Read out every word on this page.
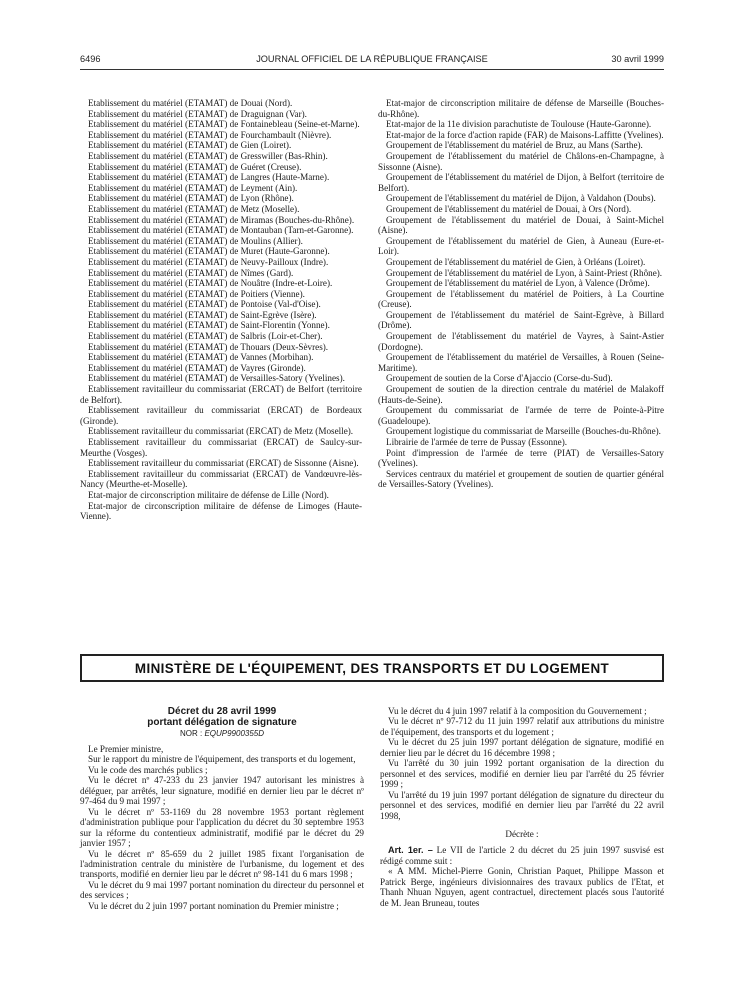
6496	JOURNAL OFFICIEL DE LA RÉPUBLIQUE FRANÇAISE	30 avril 1999

Etablissement du matériel (ETAMAT) de Douai (Nord).

Etablissement du matériel (ETAMAT) de Draguignan (Var).

Etablissement du matériel (ETAMAT) de Fontainebleau (Seine-et-Marne).

Etablissement du matériel (ETAMAT) de Fourchambault (Nièvre).

Etablissement du matériel (ETAMAT) de Gien (Loiret).

Etablissement du matériel (ETAMAT) de Gresswiller (Bas-Rhin).

Etablissement du matériel (ETAMAT) de Guéret (Creuse).

Etablissement du matériel (ETAMAT) de Langres (Haute-Marne).

Etablissement du matériel (ETAMAT) de Leyment (Ain).

Etablissement du matériel (ETAMAT) de Lyon (Rhône).

Etablissement du matériel (ETAMAT) de Metz (Moselle).

Etablissement du matériel (ETAMAT) de Miramas (Bouches-du-Rhône).

Etablissement du matériel (ETAMAT) de Montauban (Tarn-et-Garonne).

Etablissement du matériel (ETAMAT) de Moulins (Allier).

Etablissement du matériel (ETAMAT) de Muret (Haute-Garonne).

Etablissement du matériel (ETAMAT) de Neuvy-Pailloux (Indre).

Etablissement du matériel (ETAMAT) de Nîmes (Gard).

Etablissement du matériel (ETAMAT) de Nouâtre (Indre-et-Loire).

Etablissement du matériel (ETAMAT) de Poitiers (Vienne).

Etablissement du matériel (ETAMAT) de Pontoise (Val-d'Oise).

Etablissement du matériel (ETAMAT) de Saint-Egrève (Isère).

Etablissement du matériel (ETAMAT) de Saint-Florentin (Yonne).

Etablissement du matériel (ETAMAT) de Salbris (Loir-et-Cher).

Etablissement du matériel (ETAMAT) de Thouars (Deux-Sèvres).

Etablissement du matériel (ETAMAT) de Vannes (Morbihan).

Etablissement du matériel (ETAMAT) de Vayres (Gironde).

Etablissement du matériel (ETAMAT) de Versailles-Satory (Yvelines).

Etablissement ravitailleur du commissariat (ERCAT) de Belfort (territoire de Belfort).

Etablissement ravitailleur du commissariat (ERCAT) de Bordeaux (Gironde).

Etablissement ravitailleur du commissariat (ERCAT) de Metz (Moselle).

Etablissement ravitailleur du commissariat (ERCAT) de Saulcy-sur-Meurthe (Vosges).

Etablissement ravitailleur du commissariat (ERCAT) de Sissonne (Aisne).

Etablissement ravitailleur du commissariat (ERCAT) de Vandœuvre-lès-Nancy (Meurthe-et-Moselle).

Etat-major de circonscription militaire de défense de Lille (Nord).

Etat-major de circonscription militaire de défense de Limoges (Haute-Vienne).

Etat-major de circonscription militaire de défense de Marseille (Bouches-du-Rhône).

Etat-major de la 11e division parachutiste de Toulouse (Haute-Garonne).

Etat-major de la force d'action rapide (FAR) de Maisons-Laffitte (Yvelines).

Groupement de l'établissement du matériel de Bruz, au Mans (Sarthe).

Groupement de l'établissement du matériel de Châlons-en-Champagne, à Sissonne (Aisne).

Groupement de l'établissement du matériel de Dijon, à Belfort (territoire de Belfort).

Groupement de l'établissement du matériel de Dijon, à Valdahon (Doubs).

Groupement de l'établissement du matériel de Douai, à Ors (Nord).

Groupement de l'établissement du matériel de Douai, à Saint-Michel (Aisne).

Groupement de l'établissement du matériel de Gien, à Auneau (Eure-et-Loir).

Groupement de l'établissement du matériel de Gien, à Orléans (Loiret).

Groupement de l'établissement du matériel de Lyon, à Saint-Priest (Rhône).

Groupement de l'établissement du matériel de Lyon, à Valence (Drôme).

Groupement de l'établissement du matériel de Poitiers, à La Courtine (Creuse).

Groupement de l'établissement du matériel de Saint-Egrève, à Billard (Drôme).

Groupement de l'établissement du matériel de Vayres, à Saint-Astier (Dordogne).

Groupement de l'établissement du matériel de Versailles, à Rouen (Seine-Maritime).

Groupement de soutien de la Corse d'Ajaccio (Corse-du-Sud).

Groupement de soutien de la direction centrale du matériel de Malakoff (Hauts-de-Seine).

Groupement du commissariat de l'armée de terre de Pointe-à-Pitre (Guadeloupe).

Groupement logistique du commissariat de Marseille (Bouches-du-Rhône).

Librairie de l'armée de terre de Pussay (Essonne).

Point d'impression de l'armée de terre (PIAT) de Versailles-Satory (Yvelines).

Services centraux du matériel et groupement de soutien de quartier général de Versailles-Satory (Yvelines).

MINISTÈRE DE L'ÉQUIPEMENT, DES TRANSPORTS ET DU LOGEMENT
Décret du 28 avril 1999
portant délégation de signature
NOR : EQUP9900355D

Le Premier ministre,

Sur le rapport du ministre de l'équipement, des transports et du logement,

Vu le code des marchés publics ;

Vu le décret nº 47-233 du 23 janvier 1947 autorisant les ministres à déléguer, par arrêtés, leur signature, modifié en dernier lieu par le décret nº 97-464 du 9 mai 1997 ;

Vu le décret nº 53-1169 du 28 novembre 1953 portant règlement d'administration publique pour l'application du décret du 30 septembre 1953 sur la réforme du contentieux administratif, modifié par le décret du 29 janvier 1957 ;

Vu le décret nº 85-659 du 2 juillet 1985 fixant l'organisation de l'administration centrale du ministère de l'urbanisme, du logement et des transports, modifié en dernier lieu par le décret nº 98-141 du 6 mars 1998 ;

Vu le décret du 9 mai 1997 portant nomination du directeur du personnel et des services ;

Vu le décret du 2 juin 1997 portant nomination du Premier ministre ;

Vu le décret du 4 juin 1997 relatif à la composition du Gouvernement ;

Vu le décret nº 97-712 du 11 juin 1997 relatif aux attributions du ministre de l'équipement, des transports et du logement ;

Vu le décret du 25 juin 1997 portant délégation de signature, modifié en dernier lieu par le décret du 16 décembre 1998 ;

Vu l'arrêté du 30 juin 1992 portant organisation de la direction du personnel et des services, modifié en dernier lieu par l'arrêté du 25 février 1999 ;

Vu l'arrêté du 19 juin 1997 portant délégation de signature du directeur du personnel et des services, modifié en dernier lieu par l'arrêté du 22 avril 1998,

Décrète :

Art. 1er. – Le VII de l'article 2 du décret du 25 juin 1997 susvisé est rédigé comme suit :

« A MM. Michel-Pierre Gonin, Christian Paquet, Philippe Masson et Patrick Berge, ingénieurs divisionnaires des travaux publics de l'Etat, et Thanh Nhuan Nguyen, agent contractuel, directement placés sous l'autorité de M. Jean Bruneau, toutes
